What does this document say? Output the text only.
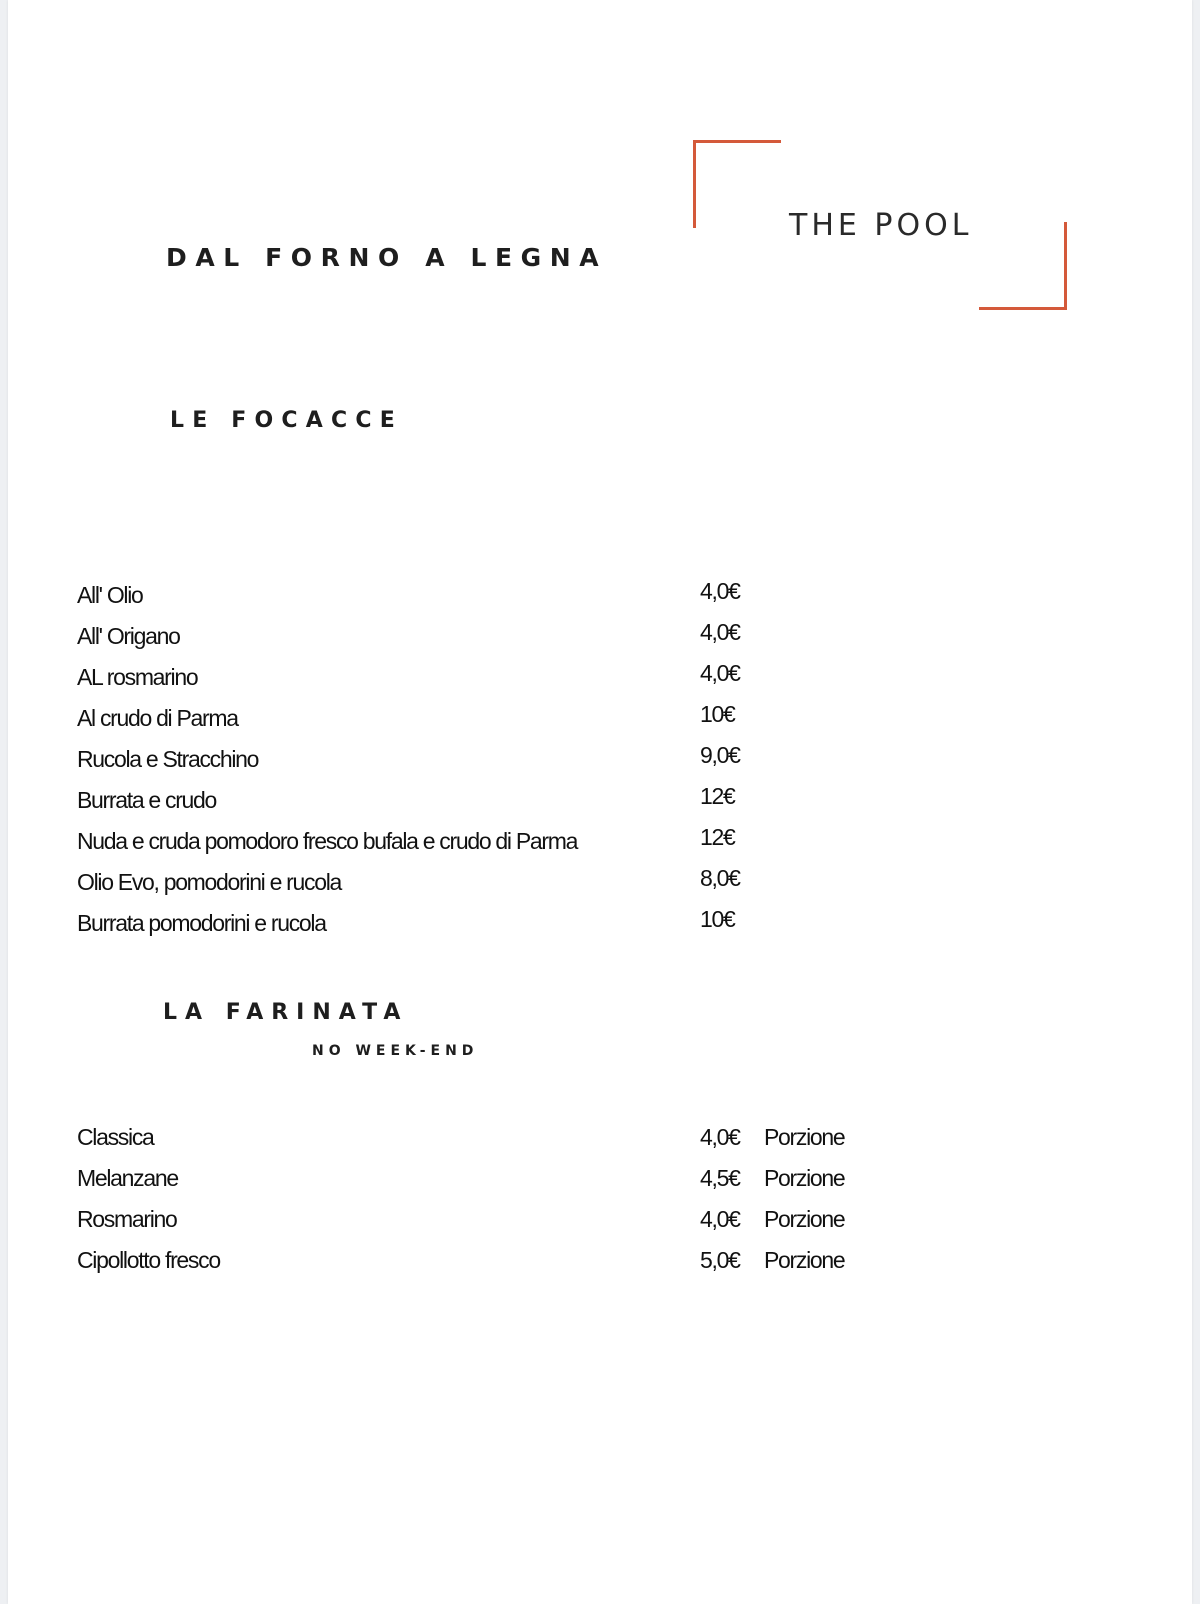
THE POOL
DAL FORNO A LEGNA
LE FOCACCE
All' Olio	4,0€
All' Origano	4,0€
AL rosmarino	4,0€
Al crudo di Parma	10€
Rucola e Stracchino	9,0€
Burrata e crudo	12€
Nuda e cruda pomodoro fresco bufala e crudo di Parma	12€
Olio Evo, pomodorini e rucola	8,0€
Burrata pomodorini e rucola	10€
LA FARINATA
NO WEEK-END
Classica	4,0€ Porzione
Melanzane	4,5€ Porzione
Rosmarino	4,0€ Porzione
Cipollotto fresco	5,0€ Porzione
